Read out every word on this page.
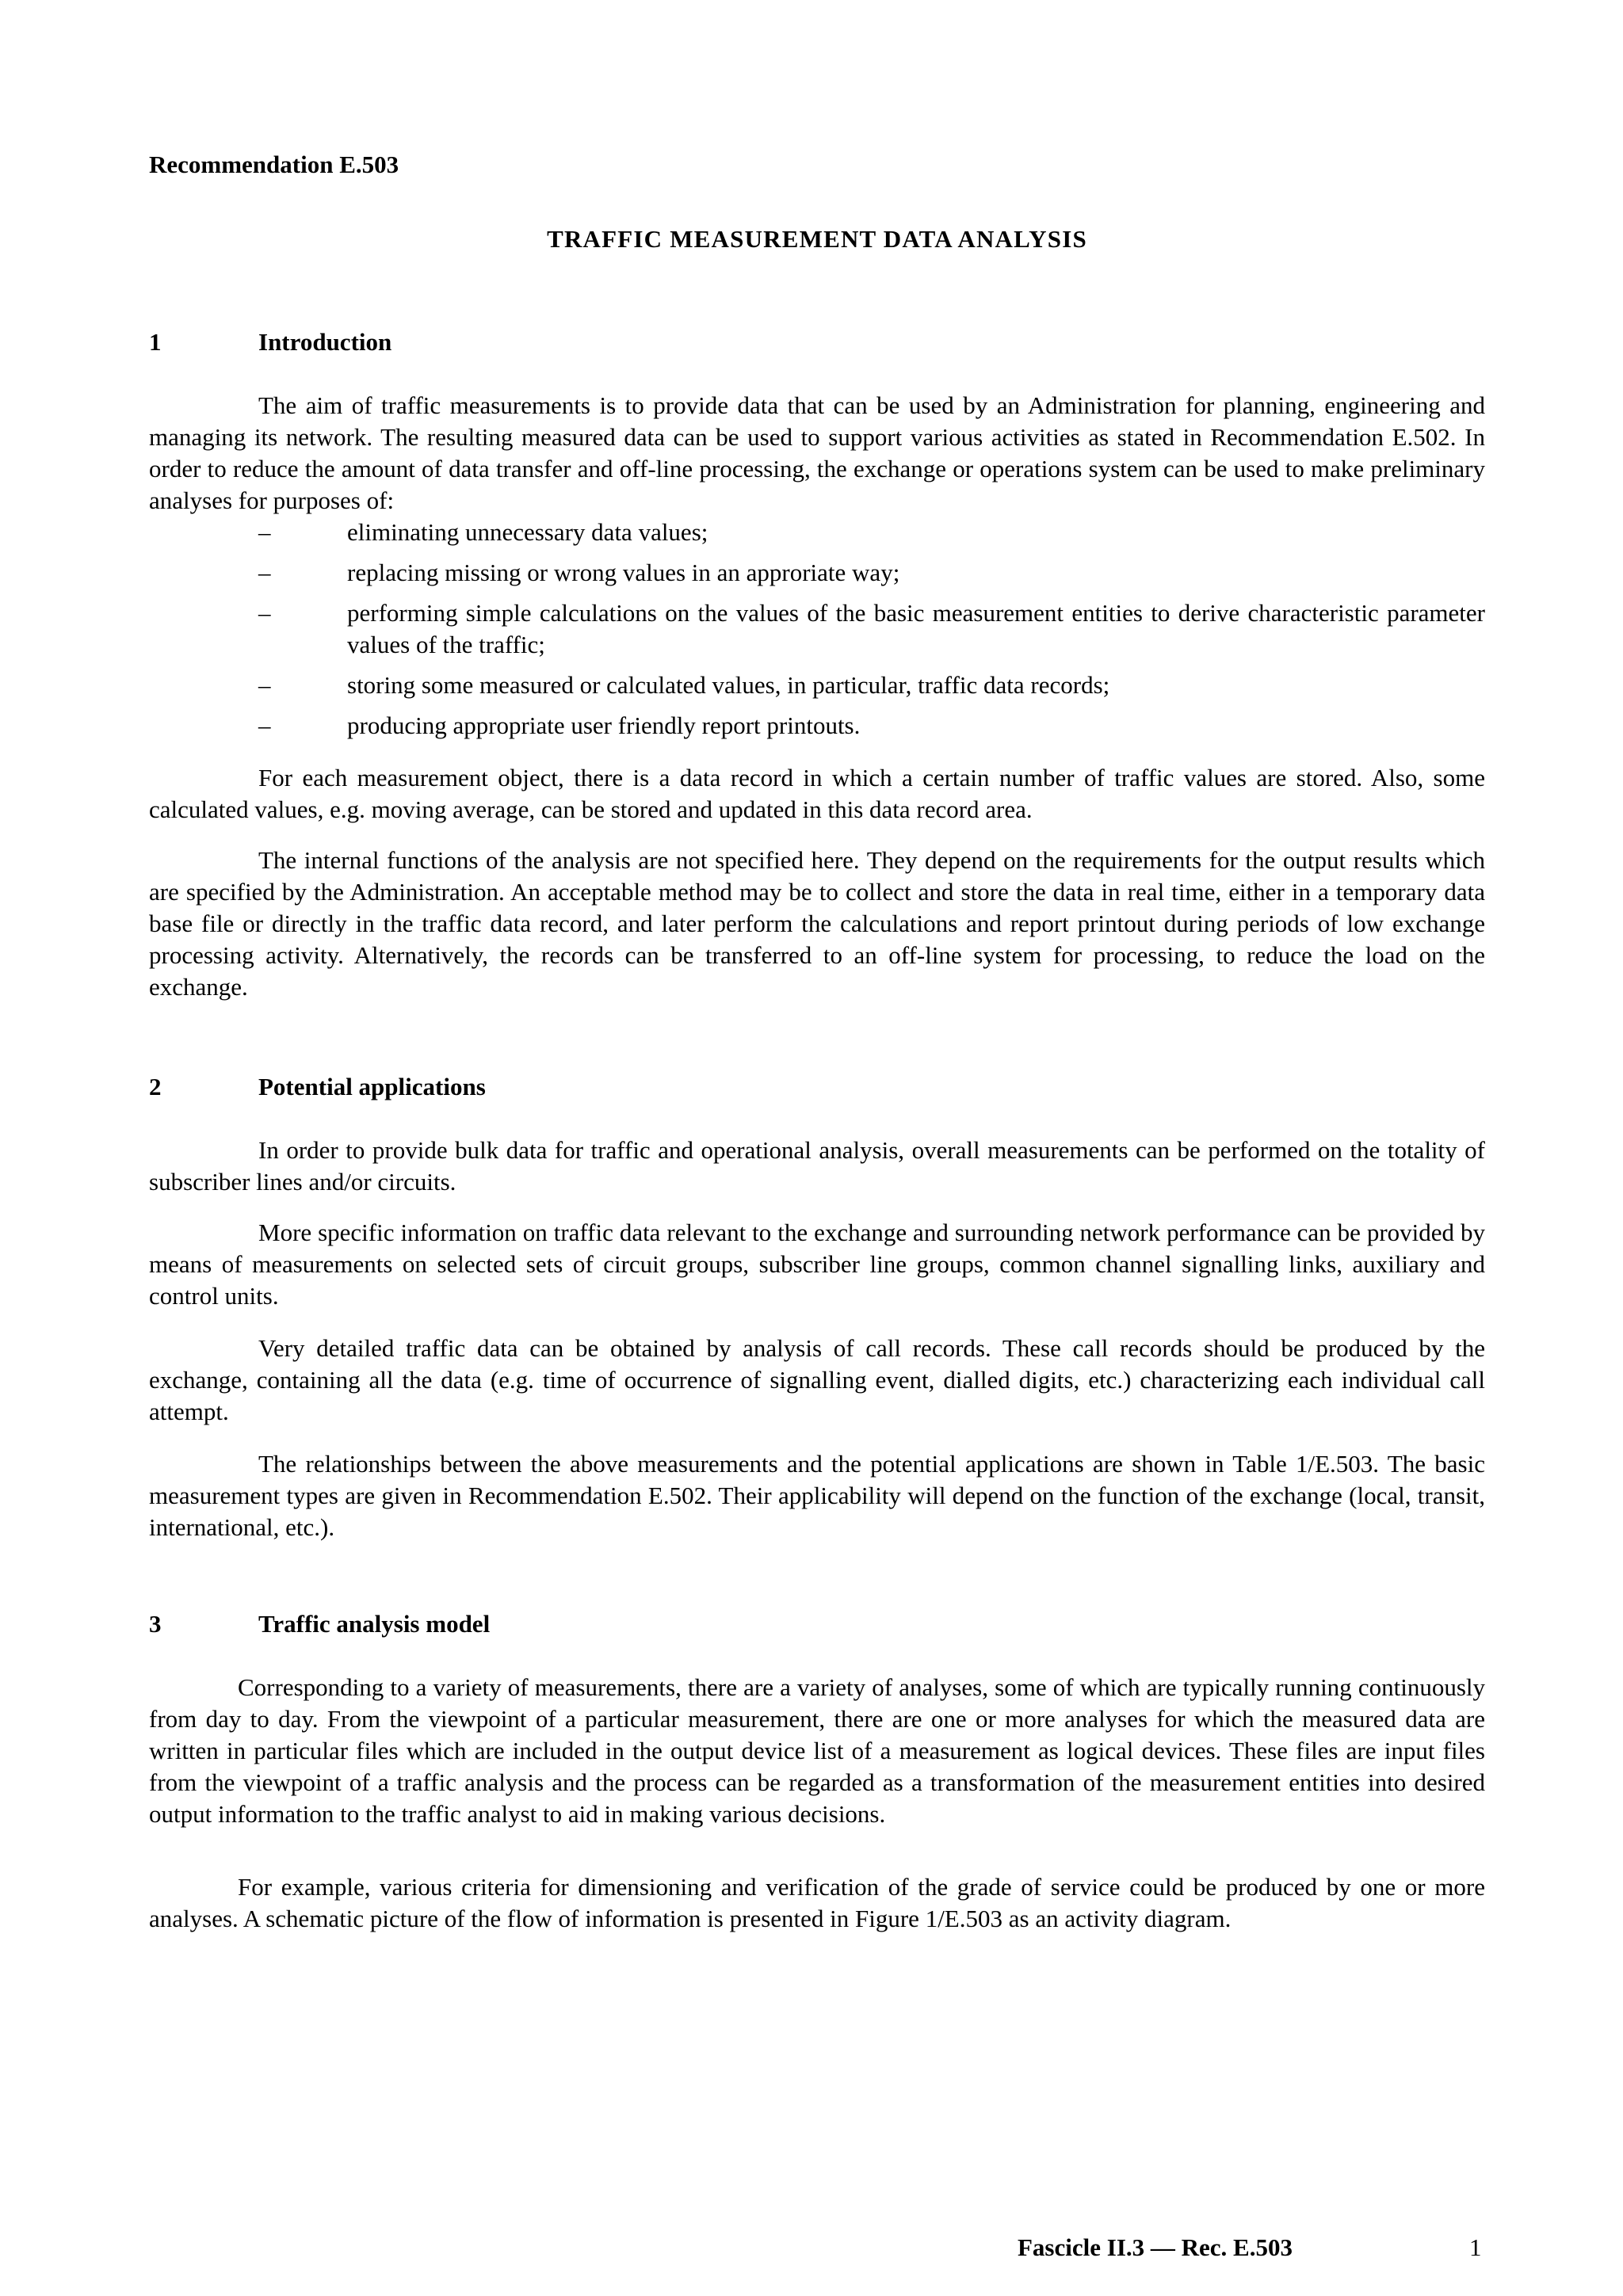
Recommendation E.503
TRAFFIC MEASUREMENT DATA ANALYSIS
1	Introduction

The aim of traffic measurements is to provide data that can be used by an Administration for planning, engineering and managing its network. The resulting measured data can be used to support various activities as stated in Recommendation E.502. In order to reduce the amount of data transfer and off-line processing, the exchange or operations system can be used to make preliminary analyses for purposes of:

–	eliminating unnecessary data values;
–	replacing missing or wrong values in an approriate way;
–	performing simple calculations on the values of the basic measurement entities to derive characteristic parameter values of the traffic;
–	storing some measured or calculated values, in particular, traffic data records;
–	producing appropriate user friendly report printouts.

For each measurement object, there is a data record in which a certain number of traffic values are stored. Also, some calculated values, e.g. moving average, can be stored and updated in this data record area.

The internal functions of the analysis are not specified here. They depend on the requirements for the output results which are specified by the Administration. An acceptable method may be to collect and store the data in real time, either in a temporary data base file or directly in the traffic data record, and later perform the calculations and report printout during periods of low exchange processing activity. Alternatively, the records can be transferred to an off-line system for processing, to reduce the load on the exchange.

2	Potential applications

In order to provide bulk data for traffic and operational analysis, overall measurements can be performed on the totality of subscriber lines and/or circuits.

More specific information on traffic data relevant to the exchange and surrounding network performance can be provided by means of measurements on selected sets of circuit groups, subscriber line groups, common channel signalling links, auxiliary and control units.

Very detailed traffic data can be obtained by analysis of call records. These call records should be produced by the exchange, containing all the data (e.g. time of occurrence of signalling event, dialled digits, etc.) characterizing each individual call attempt.

The relationships between the above measurements and the potential applications are shown in Table 1/E.503. The basic measurement types are given in Recommendation E.502. Their applicability will depend on the function of the exchange (local, transit, international, etc.).

3	Traffic analysis model

Corresponding to a variety of measurements, there are a variety of analyses, some of which are typically running continuously from day to day. From the viewpoint of a particular measurement, there are one or more analyses for which the measured data are written in particular files which are included in the output device list of a measurement as logical devices. These files are input files from the viewpoint of a traffic analysis and the process can be regarded as a transformation of the measurement entities into desired output information to the traffic analyst to aid in making various decisions.

For example, various criteria for dimensioning and verification of the grade of service could be produced by one or more analyses. A schematic picture of the flow of information is presented in Figure 1/E.503 as an activity diagram.

Fascicle II.3 — Rec. E.503	1
